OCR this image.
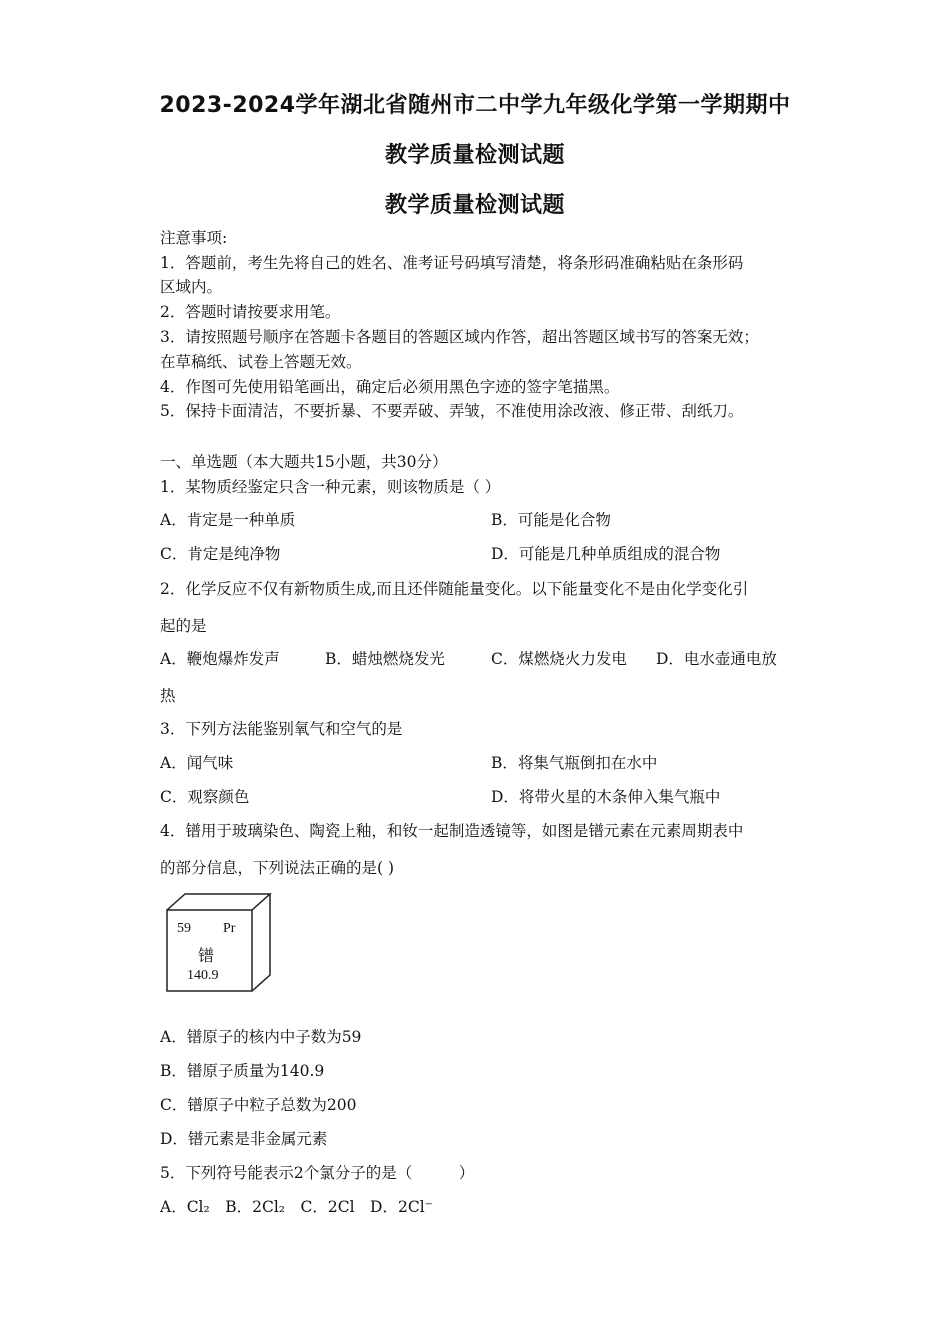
2023-2024学年湖北省随州市二中学九年级化学第一学期期中
教学质量检测试题
教学质量检测试题
注意事项:
1．答题前，考生先将自己的姓名、准考证号码填写清楚，将条形码准确粘贴在条形码
区域内。
2．答题时请按要求用笔。
3．请按照题号顺序在答题卡各题目的答题区域内作答，超出答题区域书写的答案无效；
在草稿纸、试卷上答题无效。
4．作图可先使用铅笔画出，确定后必须用黑色字迹的签字笔描黑。
5．保持卡面清洁，不要折暴、不要弄破、弄皱，不准使用涂改液、修正带、刮纸刀。
一、单选题（本大题共15小题，共30分）
1．某物质经鉴定只含一种元素，则该物质是（ ）
A．肯定是一种单质	B．可能是化合物
C．肯定是纯净物	D．可能是几种单质组成的混合物
2．化学反应不仅有新物质生成,而且还伴随能量变化。以下能量变化不是由化学变化引
起的是
A．鞭炮爆炸发声	B．蜡烛燃烧发光	C．煤燃烧火力发电 D．电水壶通电放
热
3．下列方法能鉴别氧气和空气的是
A．闻气味	B．将集气瓶倒扣在水中
C．观察颜色	D．将带火星的木条伸入集气瓶中
4．镨用于玻璃染色、陶瓷上釉，和钕一起制造透镜等，如图是镨元素在元素周期表中
的部分信息，下列说法正确的是( )
59 Pr
镨
140.9
A．镨原子的核内中子数为59
B．镨原子质量为140.9
C．镨原子中粒子总数为200
D．镨元素是非金属元素
5．下列符号能表示2个氯分子的是（　　　）
A．Cl₂　B．2Cl₂　C．2Cl　D．2Cl⁻
